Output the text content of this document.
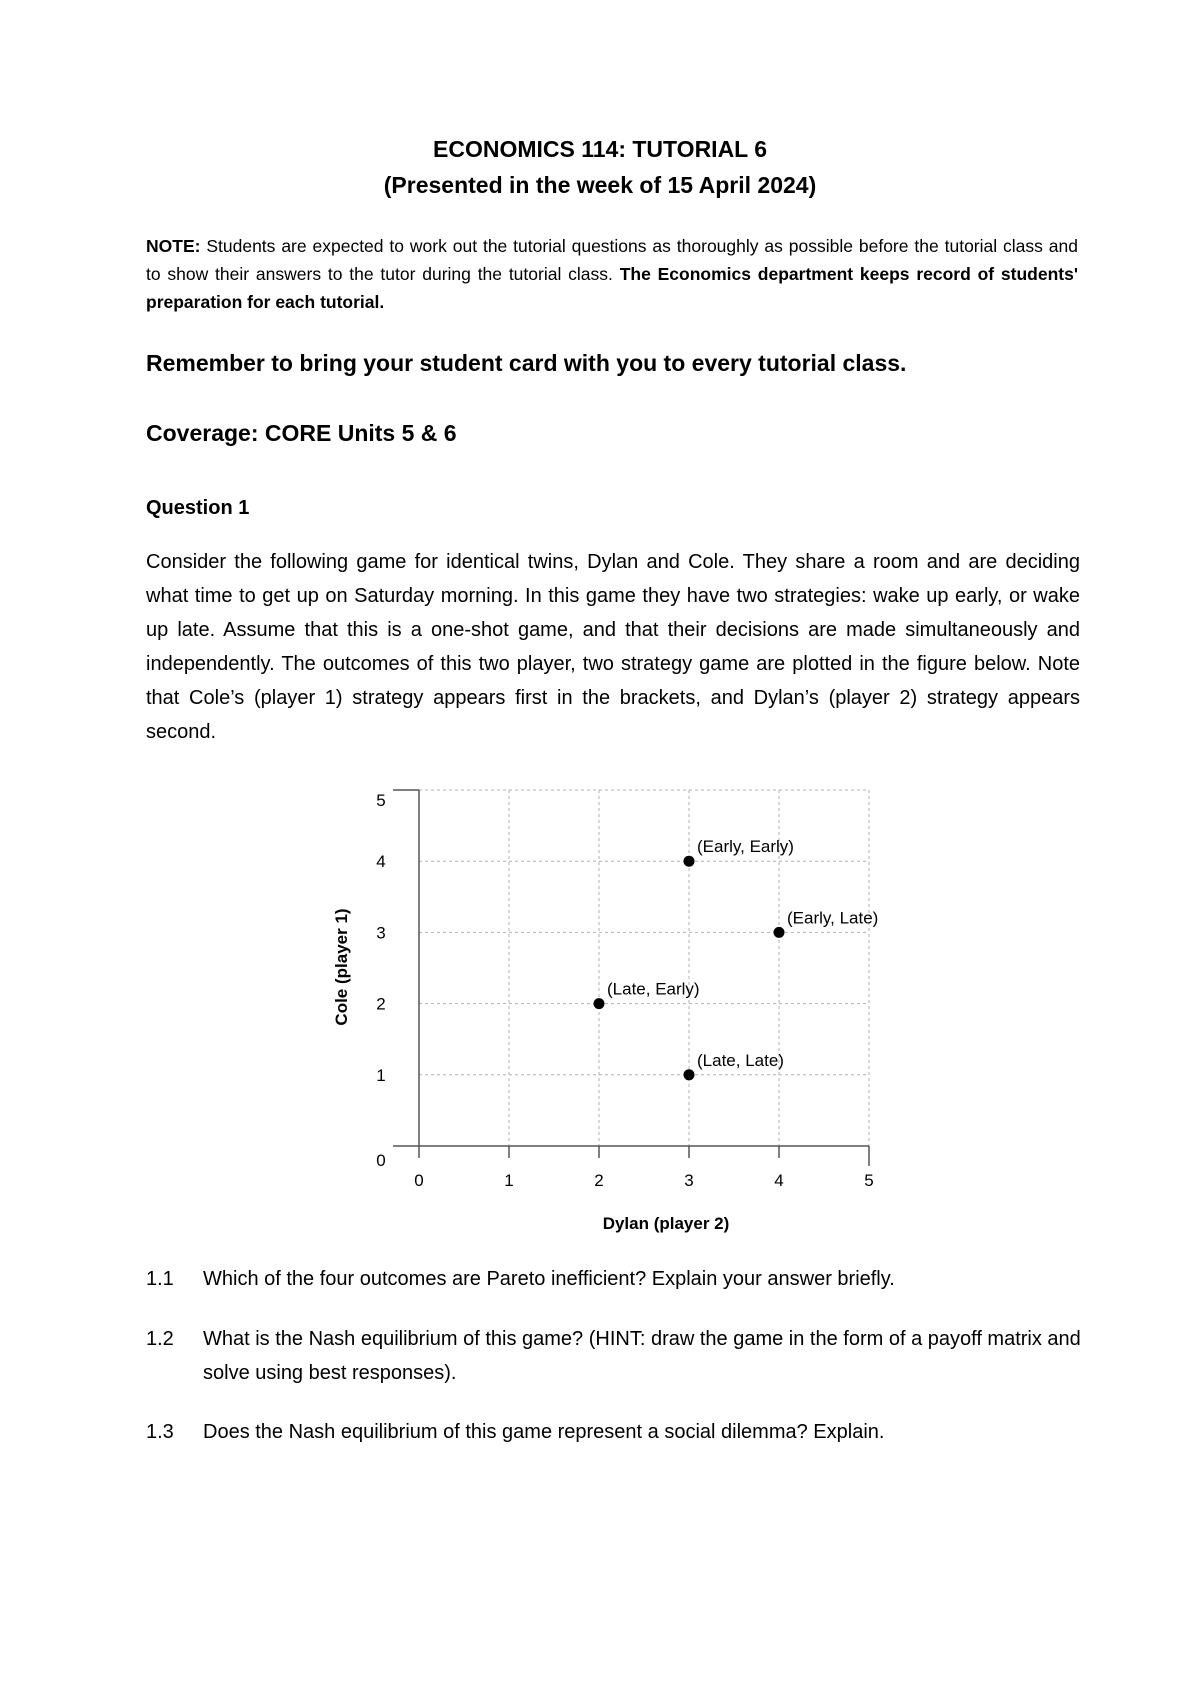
ECONOMICS 114: TUTORIAL 6
(Presented in the week of 15 April 2024)
NOTE: Students are expected to work out the tutorial questions as thoroughly as possible before the tutorial class and to show their answers to the tutor during the tutorial class. The Economics department keeps record of students' preparation for each tutorial.
Remember to bring your student card with you to every tutorial class.
Coverage: CORE Units 5 & 6
Question 1
Consider the following game for identical twins, Dylan and Cole. They share a room and are deciding what time to get up on Saturday morning. In this game they have two strategies: wake up early, or wake up late. Assume that this is a one-shot game, and that their decisions are made simultaneously and independently. The outcomes of this two player, two strategy game are plotted in the figure below. Note that Cole’s (player 1) strategy appears first in the brackets, and Dylan’s (player 2) strategy appears second.
0	1	2	3	4	5
0
1
2
3
4
5
(Early, Early)
(Early, Late)
(Late, Early)
(Late, Late)
Dylan (player 2)
Cole (player 1)
1.1 Which of the four outcomes are Pareto inefficient? Explain your answer briefly.
1.2 What is the Nash equilibrium of this game? (HINT: draw the game in the form of a payoff matrix and solve using best responses).
1.3 Does the Nash equilibrium of this game represent a social dilemma? Explain.
